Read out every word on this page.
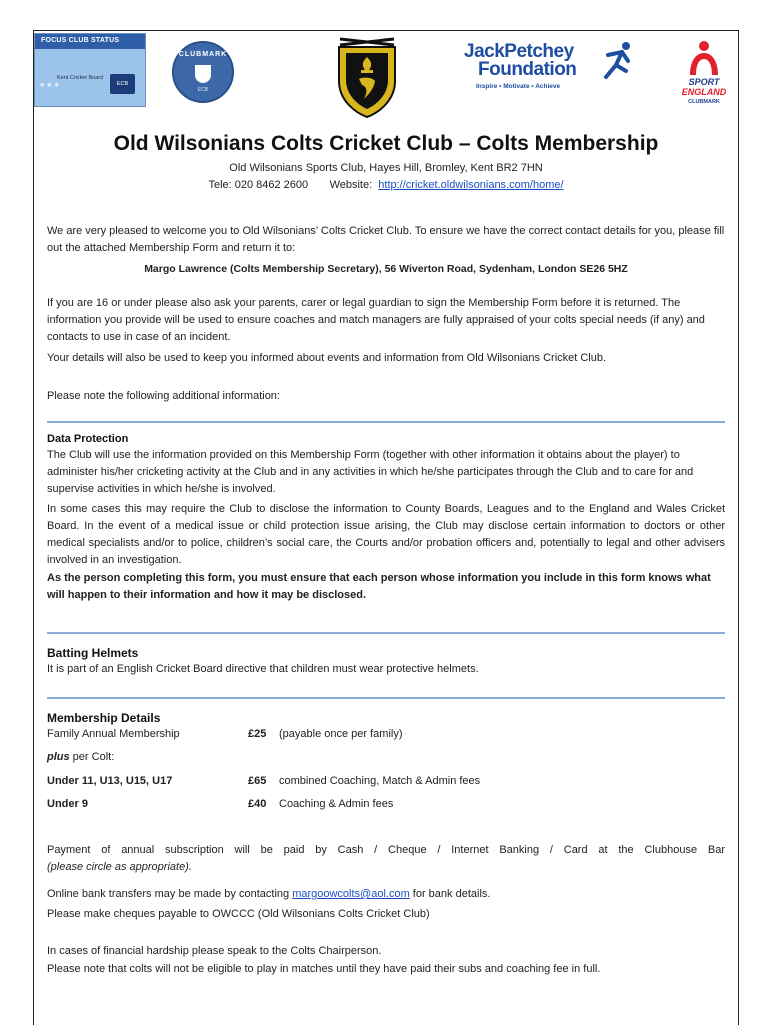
FOCUS CLUB STATUS
★★★
Kent Cricket Board
ECB
CLUBMARK
ECB
JackPetchey
Foundation
Inspire • Motivate • Achieve	SPORT
ENGLAND
CLUBMARK
Old Wilsonians Colts Cricket Club – Colts Membership
Old Wilsonians Sports Club, Hayes Hill, Bromley, Kent BR2 7HN
Tele: 020 8462 2600 Website: http://cricket.oldwilsonians.com/home/
We are very pleased to welcome you to Old Wilsonians’ Colts Cricket Club. To ensure we have the correct contact details for you, please fill out the attached Membership Form and return it to:
Margo Lawrence (Colts Membership Secretary), 56 Wiverton Road, Sydenham, London SE26 5HZ
If you are 16 or under please also ask your parents, carer or legal guardian to sign the Membership Form before it is returned. The information you provide will be used to ensure coaches and match managers are fully appraised of your colts special needs (if any) and contacts to use in case of an incident.
Your details will also be used to keep you informed about events and information from Old Wilsonians Cricket Club.
Please note the following additional information:
Data Protection
The Club will use the information provided on this Membership Form (together with other information it obtains about the player) to administer his/her cricketing activity at the Club and in any activities in which he/she participates through the Club and to care for and supervise activities in which he/she is involved.
In some cases this may require the Club to disclose the information to County Boards, Leagues and to the England and Wales Cricket Board. In the event of a medical issue or child protection issue arising, the Club may disclose certain information to doctors or other medical specialists and/or to police, children’s social care, the Courts and/or probation officers and, potentially to legal and other advisers involved in an investigation.
As the person completing this form, you must ensure that each person whose information you include in this form knows what will happen to their information and how it may be disclosed.
Batting Helmets
It is part of an English Cricket Board directive that children must wear protective helmets.
Membership Details
Family Annual Membership	£25 (payable once per family)
plus per Colt:
Under 11, U13, U15, U17	£65 combined Coaching, Match & Admin fees
Under 9	£40 Coaching & Admin fees
Payment of annual subscription will be paid by Cash / Cheque / Internet Banking / Card at the Clubhouse Bar
(please circle as appropriate).
Online bank transfers may be made by contacting margoowcolts@aol.com for bank details.
Please make cheques payable to OWCCC (Old Wilsonians Colts Cricket Club)
In cases of financial hardship please speak to the Colts Chairperson.
Please note that colts will not be eligible to play in matches until they have paid their subs and coaching fee in full.
